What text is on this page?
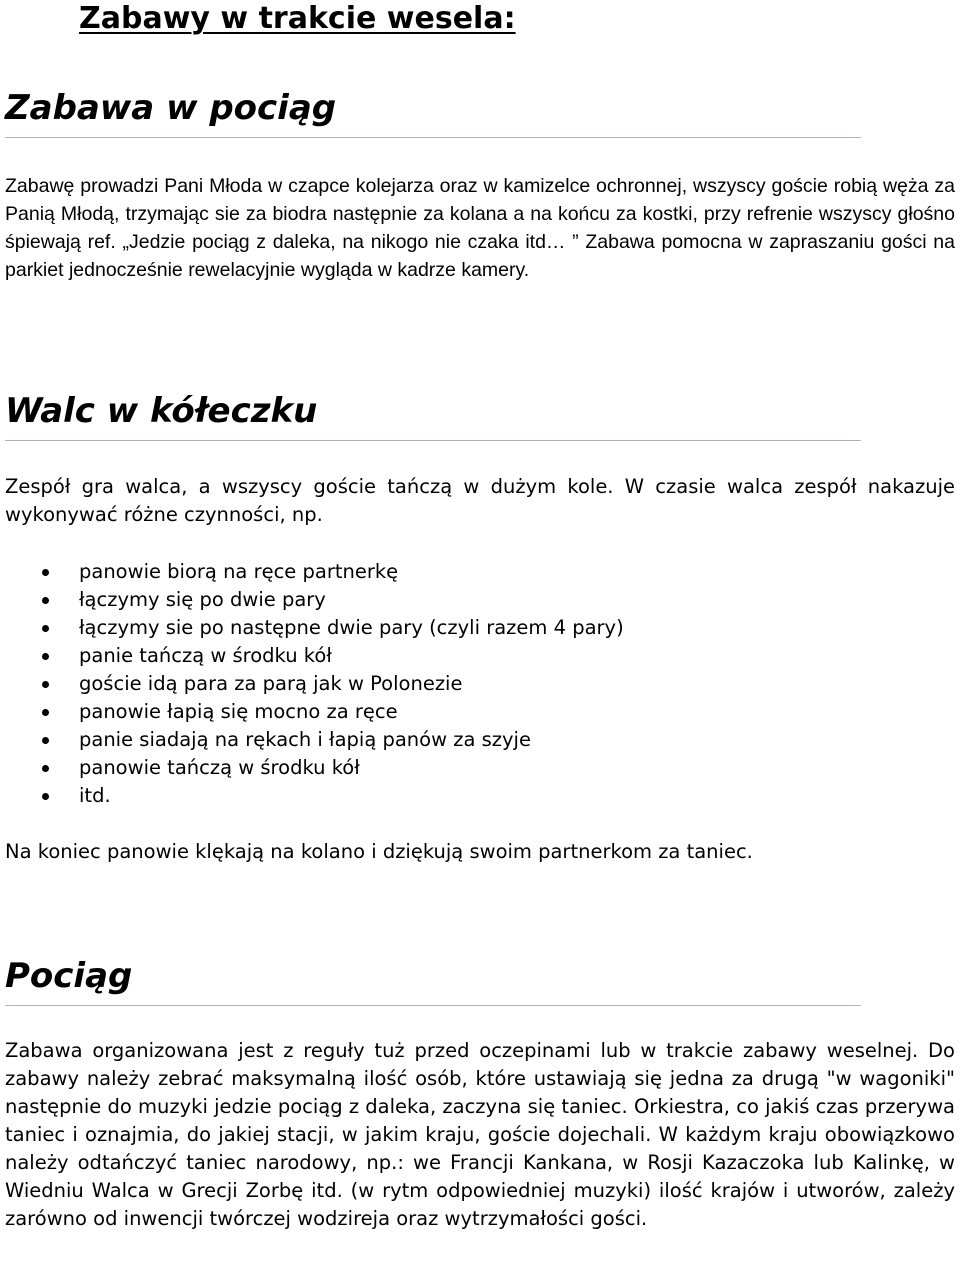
Zabawy w trakcie wesela:
Zabawa w pociąg

Zabawę prowadzi Pani Młoda w czapce kolejarza oraz w kamizelce ochronnej, wszyscy goście robią węża za Panią Młodą, trzymając sie za biodra następnie za kolana a na końcu za kostki, przy refrenie wszyscy głośno śpiewają ref. „Jedzie pociąg z daleka, na nikogo nie czaka itd… ” Zabawa pomocna w zapraszaniu gości na parkiet jednocześnie rewelacyjnie wygląda w kadrze kamery.

Walc w kółeczku

Zespół gra walca, a wszyscy goście tańczą w dużym kole. W czasie walca zespół nakazuje wykonywać różne czynności, np.

panowie biorą na ręce partnerkę
łączymy się po dwie pary
łączymy sie po następne dwie pary (czyli razem 4 pary)
panie tańczą w środku kół
goście idą para za parą jak w Polonezie
panowie łapią się mocno za ręce
panie siadają na rękach i łapią panów za szyje
panowie tańczą w środku kół
itd.

Na koniec panowie klękają na kolano i dziękują swoim partnerkom za taniec.

Pociąg

Zabawa organizowana jest z reguły tuż przed oczepinami lub w trakcie zabawy weselnej. Do zabawy należy zebrać maksymalną ilość osób, które ustawiają się jedna za drugą "w wagoniki" następnie do muzyki jedzie pociąg z daleka, zaczyna się taniec. Orkiestra, co jakiś czas przerywa taniec i oznajmia, do jakiej stacji, w jakim kraju, goście dojechali. W każdym kraju obowiązkowo należy odtańczyć taniec narodowy, np.: we Francji Kankana, w Rosji Kazaczoka lub Kalinkę, w Wiedniu Walca w Grecji Zorbę itd. (w rytm odpowiedniej muzyki) ilość krajów i utworów, zależy zarówno od inwencji twórczej wodzireja oraz wytrzymałości gości.
